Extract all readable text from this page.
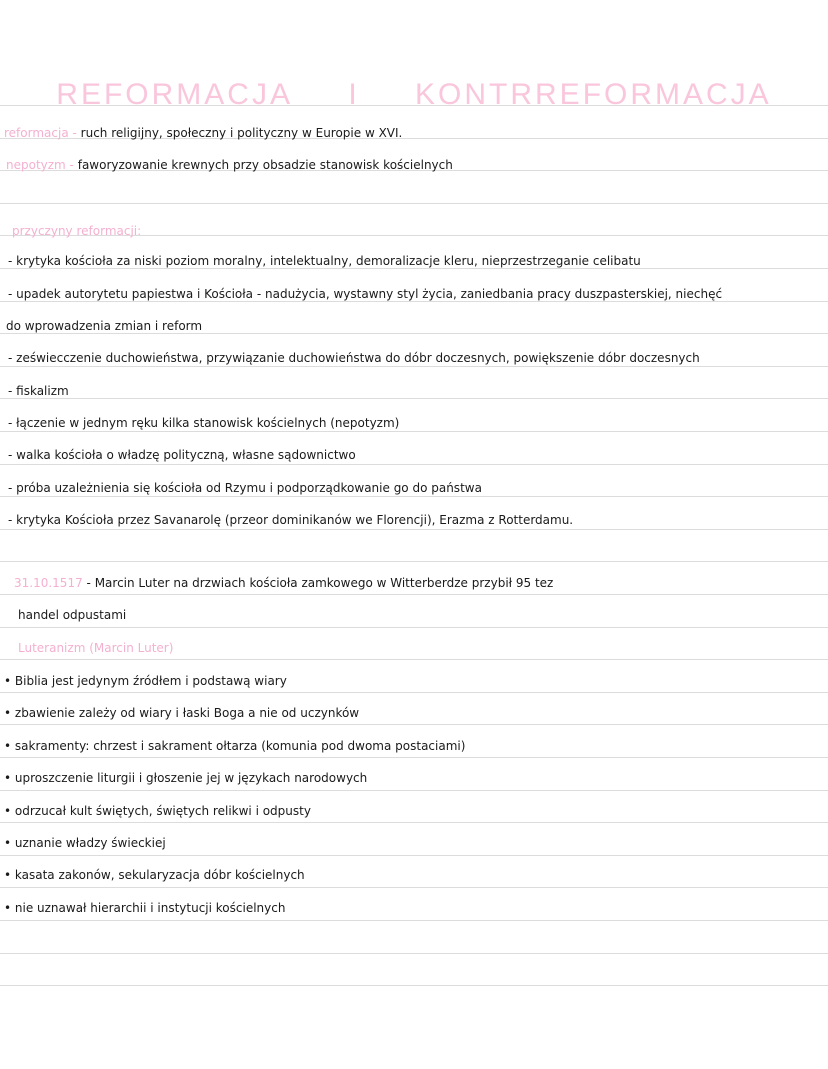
REFORMACJA I KONTRREFORMACJA
reformacja - ruch religijny, społeczny i polityczny w Europie w XVI.
nepotyzm - faworyzowanie krewnych przy obsadzie stanowisk kościelnych
przyczyny reformacji:
- krytyka kościoła za niski poziom moralny, intelektualny, demoralizacje kleru, nieprzestrzeganie celibatu
- upadek autorytetu papiestwa i Kościoła - nadużycia, wystawny styl życia, zaniedbania pracy duszpasterskiej, niechęć
do wprowadzenia zmian i reform
- zeświecczenie duchowieństwa, przywiązanie duchowieństwa do dóbr doczesnych, powiększenie dóbr doczesnych
- fiskalizm
- łączenie w jednym ręku kilka stanowisk kościelnych (nepotyzm)
- walka kościoła o władzę polityczną, własne sądownictwo
- próba uzależnienia się kościoła od Rzymu i podporządkowanie go do państwa
- krytyka Kościoła przez Savanarolę (przeor dominikanów we Florencji), Erazma z Rotterdamu.
31.10.1517 - Marcin Luter na drzwiach kościoła zamkowego w Witterberdze przybił 95 tez
handel odpustami
Luteranizm (Marcin Luter)
• Biblia jest jedynym źródłem i podstawą wiary
• zbawienie zależy od wiary i łaski Boga a nie od uczynków
• sakramenty: chrzest i sakrament ołtarza (komunia pod dwoma postaciami)
• uproszczenie liturgii i głoszenie jej w językach narodowych
• odrzucał kult świętych, świętych relikwi i odpusty
• uznanie władzy świeckiej
• kasata zakonów, sekularyzacja dóbr kościelnych
• nie uznawał hierarchii i instytucji kościelnych
